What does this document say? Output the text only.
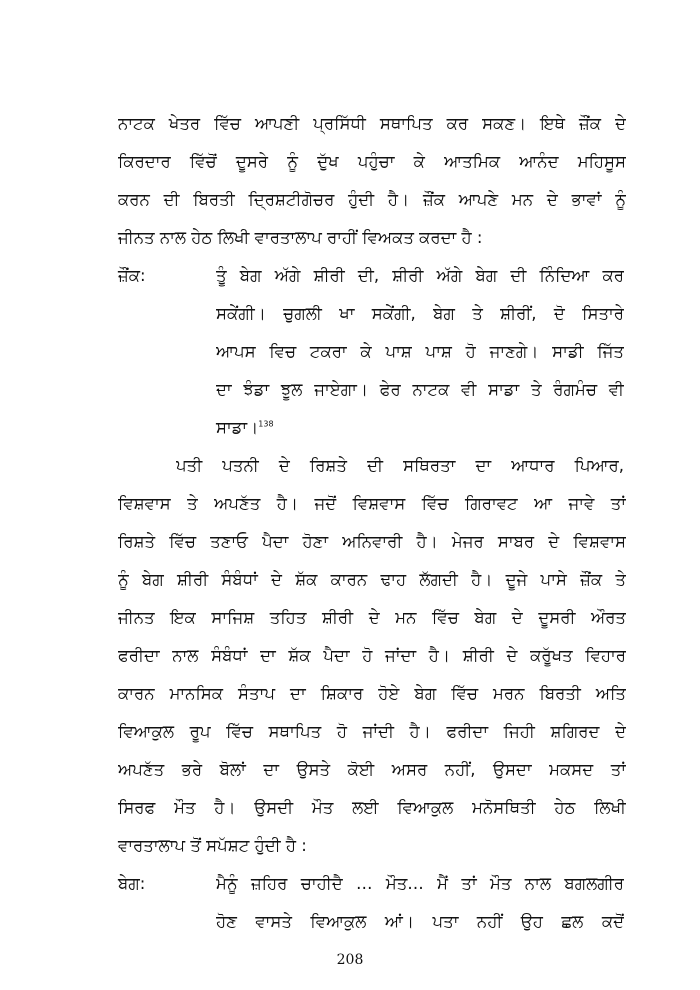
ਨਾਟਕ ਖੇਤਰ ਵਿੱਚ ਆਪਣੀ ਪ੍ਰਸਿੱਧੀ ਸਥਾਪਿਤ ਕਰ ਸਕਣ। ਇਥੇ ਜ਼ੌਂਕ ਦੇ
ਕਿਰਦਾਰ ਵਿੱਚੋਂ ਦੂਸਰੇ ਨੂੰ ਦੁੱਖ ਪਹੁੰਚਾ ਕੇ ਆਤਮਿਕ ਆਨੰਦ ਮਹਿਸੂਸ
ਕਰਨ ਦੀ ਬਿਰਤੀ ਦ੍ਰਿਸ਼ਟੀਗੋਚਰ ਹੁੰਦੀ ਹੈ। ਜ਼ੌਂਕ ਆਪਣੇ ਮਨ ਦੇ ਭਾਵਾਂ ਨੂੰ
ਜੀਨਤ ਨਾਲ ਹੇਠ ਲਿਖੀ ਵਾਰਤਾਲਾਪ ਰਾਹੀਂ ਵਿਅਕਤ ਕਰਦਾ ਹੈ :
ਜ਼ੌਂਕ:	ਤੂੰ ਬੇਗ ਅੱਗੇ ਸ਼ੀਰੀ ਦੀ, ਸ਼ੀਰੀ ਅੱਗੇ ਬੇਗ ਦੀ ਨਿੰਦਿਆ ਕਰ
ਸਕੇਂਗੀ। ਚੁਗਲੀ ਖਾ ਸਕੇਂਗੀ, ਬੇਗ ਤੇ ਸ਼ੀਰੀਂ, ਦੋ ਸਿਤਾਰੇ
ਆਪਸ ਵਿਚ ਟਕਰਾ ਕੇ ਪਾਸ਼ ਪਾਸ਼ ਹੋ ਜਾਣਗੇ। ਸਾਡੀ ਜਿੱਤ
ਦਾ ਝੰਡਾ ਝੂਲ ਜਾਏਗਾ। ਫੇਰ ਨਾਟਕ ਵੀ ਸਾਡਾ ਤੇ ਰੰਗਮੰਚ ਵੀ
ਸਾਡਾ।$^{138}$
ਪਤੀ ਪਤਨੀ ਦੇ ਰਿਸ਼ਤੇ ਦੀ ਸਥਿਰਤਾ ਦਾ ਆਧਾਰ ਪਿਆਰ,
ਵਿਸ਼ਵਾਸ ਤੇ ਅਪਣੱਤ ਹੈ। ਜਦੋਂ ਵਿਸ਼ਵਾਸ ਵਿੱਚ ਗਿਰਾਵਟ ਆ ਜਾਵੇ ਤਾਂ
ਰਿਸ਼ਤੇ ਵਿੱਚ ਤਣਾਓ ਪੈਦਾ ਹੋਣਾ ਅਨਿਵਾਰੀ ਹੈ। ਮੇਜਰ ਸਾਬਰ ਦੇ ਵਿਸ਼ਵਾਸ
ਨੂੰ ਬੇਗ ਸ਼ੀਰੀ ਸੰਬੰਧਾਂ ਦੇ ਸ਼ੱਕ ਕਾਰਨ ਢਾਹ ਲੱਗਦੀ ਹੈ। ਦੂਜੇ ਪਾਸੇ ਜ਼ੌਂਕ ਤੇ
ਜੀਨਤ ਇਕ ਸਾਜਿਸ਼ ਤਹਿਤ ਸ਼ੀਰੀ ਦੇ ਮਨ ਵਿੱਚ ਬੇਗ ਦੇ ਦੂਸਰੀ ਔਰਤ
ਫਰੀਦਾ ਨਾਲ ਸੰਬੰਧਾਂ ਦਾ ਸ਼ੱਕ ਪੈਦਾ ਹੋ ਜਾਂਦਾ ਹੈ। ਸ਼ੀਰੀ ਦੇ ਕਰੂੱਖਤ ਵਿਹਾਰ
ਕਾਰਨ ਮਾਨਸਿਕ ਸੰਤਾਪ ਦਾ ਸ਼ਿਕਾਰ ਹੋਏ ਬੇਗ ਵਿੱਚ ਮਰਨ ਬਿਰਤੀ ਅਤਿ
ਵਿਆਕੁਲ ਰੂਪ ਵਿੱਚ ਸਥਾਪਿਤ ਹੋ ਜਾਂਦੀ ਹੈ। ਫਰੀਦਾ ਜਿਹੀ ਸ਼ਗਿਰਦ ਦੇ
ਅਪਣੱਤ ਭਰੇ ਬੋਲਾਂ ਦਾ ਉਸਤੇ ਕੋਈ ਅਸਰ ਨਹੀਂ, ਉਸਦਾ ਮਕਸਦ ਤਾਂ
ਸਿਰਫ ਮੌਤ ਹੈ। ਉਸਦੀ ਮੌਤ ਲਈ ਵਿਆਕੁਲ ਮਨੋਸਥਿਤੀ ਹੇਠ ਲਿਖੀ
ਵਾਰਤਾਲਾਪ ਤੋਂ ਸਪੱਸ਼ਟ ਹੁੰਦੀ ਹੈ :
ਬੇਗ:	ਮੈਨੂੰ ਜ਼ਹਿਰ ਚਾਹੀਦੈ … ਮੌਤ… ਮੈਂ ਤਾਂ ਮੌਤ ਨਾਲ ਬਗਲਗੀਰ
ਹੋਣ ਵਾਸਤੇ ਵਿਆਕੁਲ ਆਂ। ਪਤਾ ਨਹੀਂ ਉਹ ਛਲ ਕਦੋਂ
208
